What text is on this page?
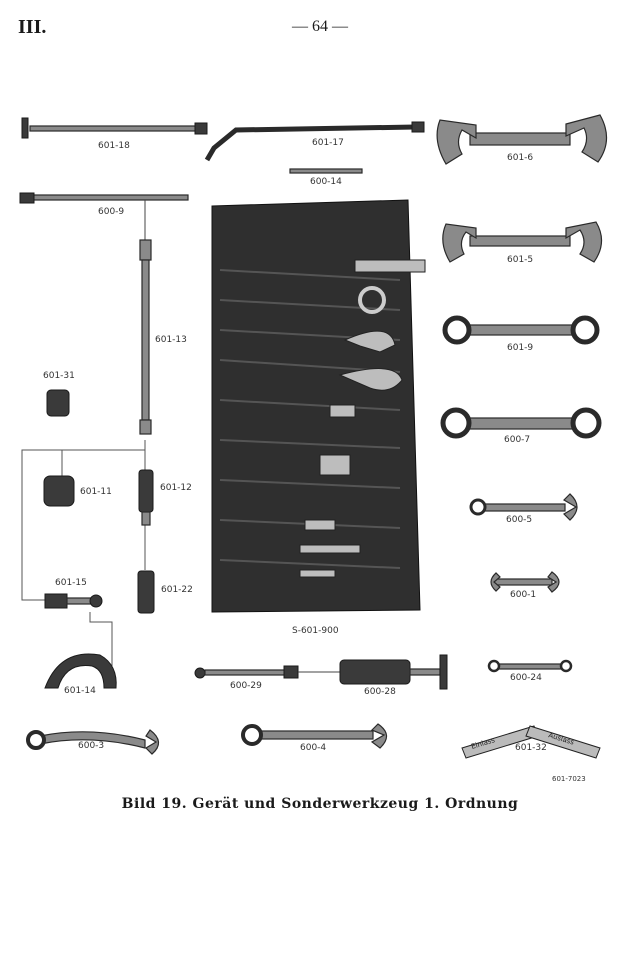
III.	— 64 —
601-18	601-17
600-14
601-6
600-9
601-13
S-601-900
601-5
601-9
601-31
600-7
601-11	601-12
600-5
601-22
601-15
600-1
601-14	600-29
600-28
600-24
600-3	600-4	Einlass	Auslass
601-32
601-7023
Bild 19. Gerät und Sonderwerkzeug 1. Ordnung
